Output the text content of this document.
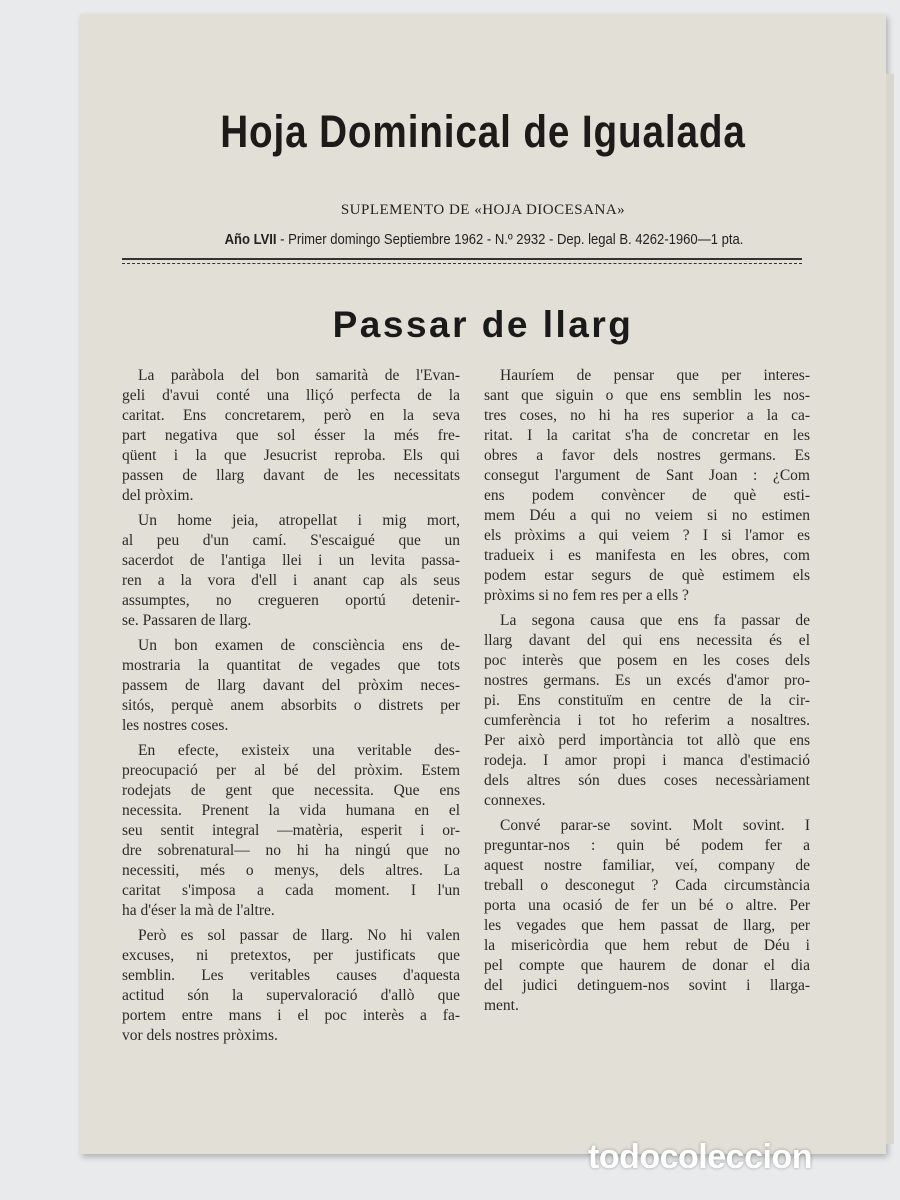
Hoja Dominical de Igualada
SUPLEMENTO DE «HOJA DIOCESANA»
Año LVII - Primer domingo Septiembre 1962 - N.º 2932 - Dep. legal B. 4262-1960—1 pta.
Passar de llarg
La paràbola del bon samarità de l'Evan-
geli d'avui conté una lliçó perfecta de la
caritat. Ens concretarem, però en la seva
part negativa que sol ésser la més fre-
qüent i la que Jesucrist reproba. Els qui
passen de llarg davant de les necessitats
del pròxim.
Un home jeia, atropellat i mig mort,
al peu d'un camí. S'escaigué que un
sacerdot de l'antiga llei i un levita passa-
ren a la vora d'ell i anant cap als seus
assumptes, no cregueren oportú detenir-
se. Passaren de llarg.
Un bon examen de consciència ens de-
mostraria la quantitat de vegades que tots
passem de llarg davant del pròxim neces-
sitós, perquè anem absorbits o distrets per
les nostres coses.
En efecte, existeix una veritable des-
preocupació per al bé del pròxim. Estem
rodejats de gent que necessita. Que ens
necessita. Prenent la vida humana en el
seu sentit integral —matèria, esperit i or-
dre sobrenatural— no hi ha ningú que no
necessiti, més o menys, dels altres. La
caritat s'imposa a cada moment. I l'un
ha d'éser la mà de l'altre.
Però es sol passar de llarg. No hi valen
excuses, ni pretextos, per justificats que
semblin. Les veritables causes d'aquesta
actitud són la supervaloració d'allò que
portem entre mans i el poc interès a fa-
vor dels nostres pròxims.
Hauríem de pensar que per interes-
sant que siguin o que ens semblin les nos-
tres coses, no hi ha res superior a la ca-
ritat. I la caritat s'ha de concretar en les
obres a favor dels nostres germans. Es
consegut l'argument de Sant Joan : ¿Com
ens podem convèncer de què esti-
mem Déu a qui no veiem si no estimen
els pròxims a qui veiem ? I si l'amor es
tradueix i es manifesta en les obres, com
podem estar segurs de què estimem els
pròxims si no fem res per a ells ?
La segona causa que ens fa passar de
llarg davant del qui ens necessita és el
poc interès que posem en les coses dels
nostres germans. Es un excés d'amor pro-
pi. Ens constituïm en centre de la cir-
cumferència i tot ho referim a nosaltres.
Per això perd importància tot allò que ens
rodeja. I amor propi i manca d'estimació
dels altres són dues coses necessàriament
connexes.
Convé parar-se sovint. Molt sovint. I
preguntar-nos : quin bé podem fer a
aquest nostre familiar, veí, company de
treball o desconegut ? Cada circumstància
porta una ocasió de fer un bé o altre. Per
les vegades que hem passat de llarg, per
la misericòrdia que hem rebut de Déu i
pel compte que haurem de donar el dia
del judici detinguem-nos sovint i llarga-
ment.
todocoleccion
